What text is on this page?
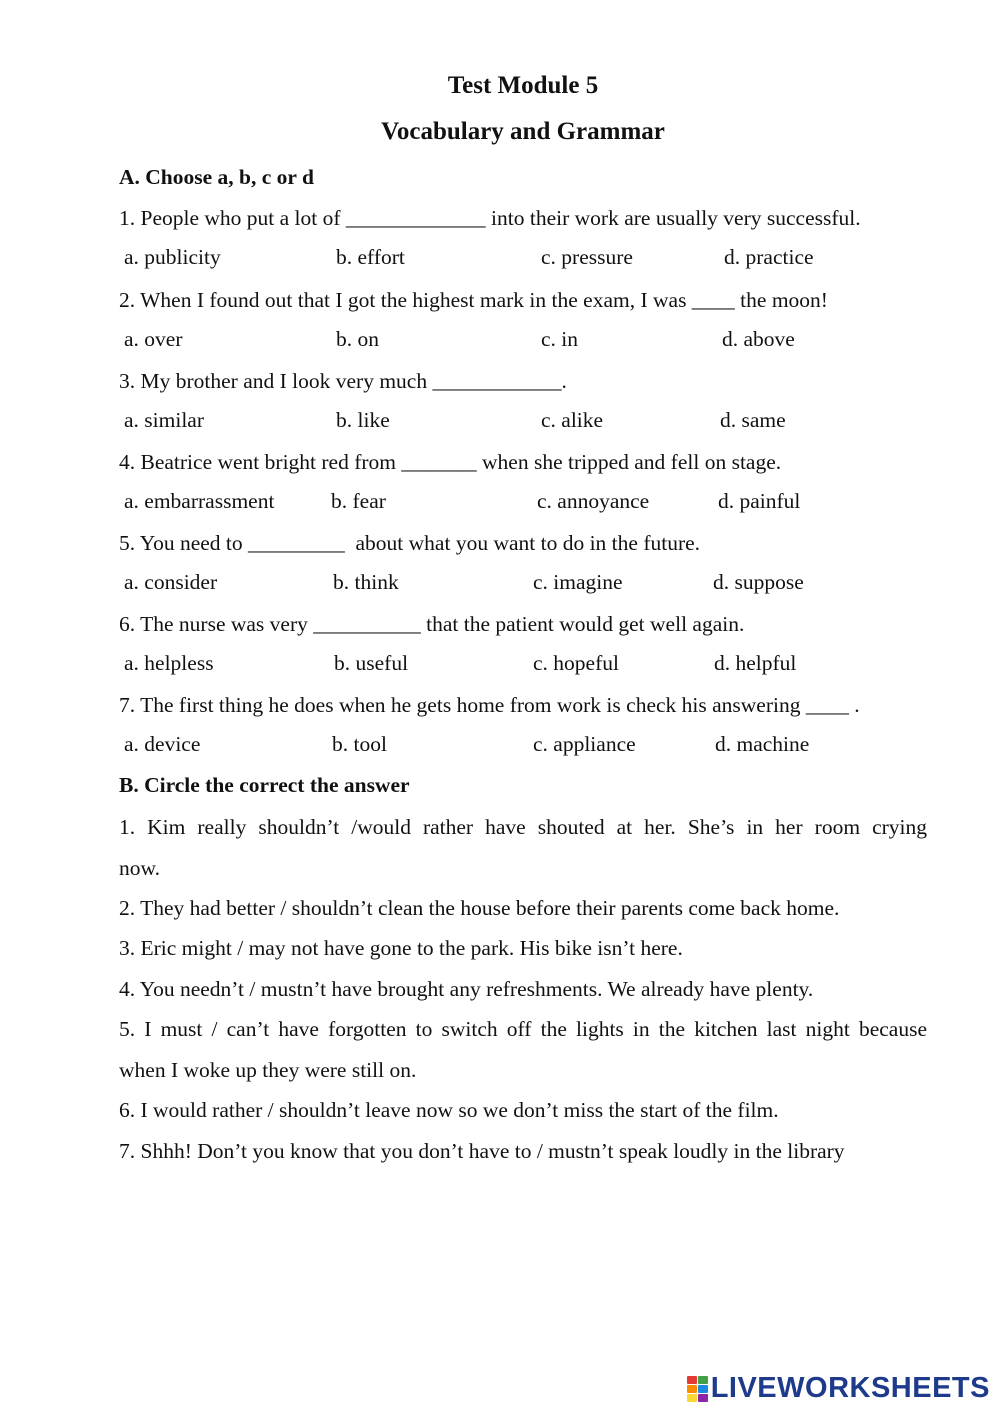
Test Module 5
Vocabulary and Grammar
A. Choose a, b, c or d
1. People who put a lot of _____________ into their work are usually very successful.
a. publicity	b. effort	c. pressure	d. practice
2. When I found out that I got the highest mark in the exam, I was ____ the moon!
a. over	b. on	c. in	d. above
3. My brother and I look very much ____________.
a. similar	b. like	c. alike	d. same
4. Beatrice went bright red from _______ when she tripped and fell on stage.
a. embarrassment	b. fear	c. annoyance	d. painful
5. You need to _________  about what you want to do in the future.
a. consider	b. think	c. imagine	d. suppose
6. The nurse was very __________ that the patient would get well again.
a. helpless	b. useful	c. hopeful	d. helpful
7. The first thing he does when he gets home from work is check his answering ____ .
a. device	b. tool	c. appliance	d. machine
B. Circle the correct the answer
1. Kim really shouldn’t /would rather have shouted at her. She’s in her room crying
now.
2. They had better / shouldn’t clean the house before their parents come back home.
3. Eric might / may not have gone to the park. His bike isn’t here.
4. You needn’t / mustn’t have brought any refreshments. We already have plenty.
5. I must / can’t have forgotten to switch off the lights in the kitchen last night because
when I woke up they were still on.
6. I would rather / shouldn’t leave now so we don’t miss the start of the film.
7. Shhh! Don’t you know that you don’t have to / mustn’t speak loudly in the library
LIVEWORKSHEETS
